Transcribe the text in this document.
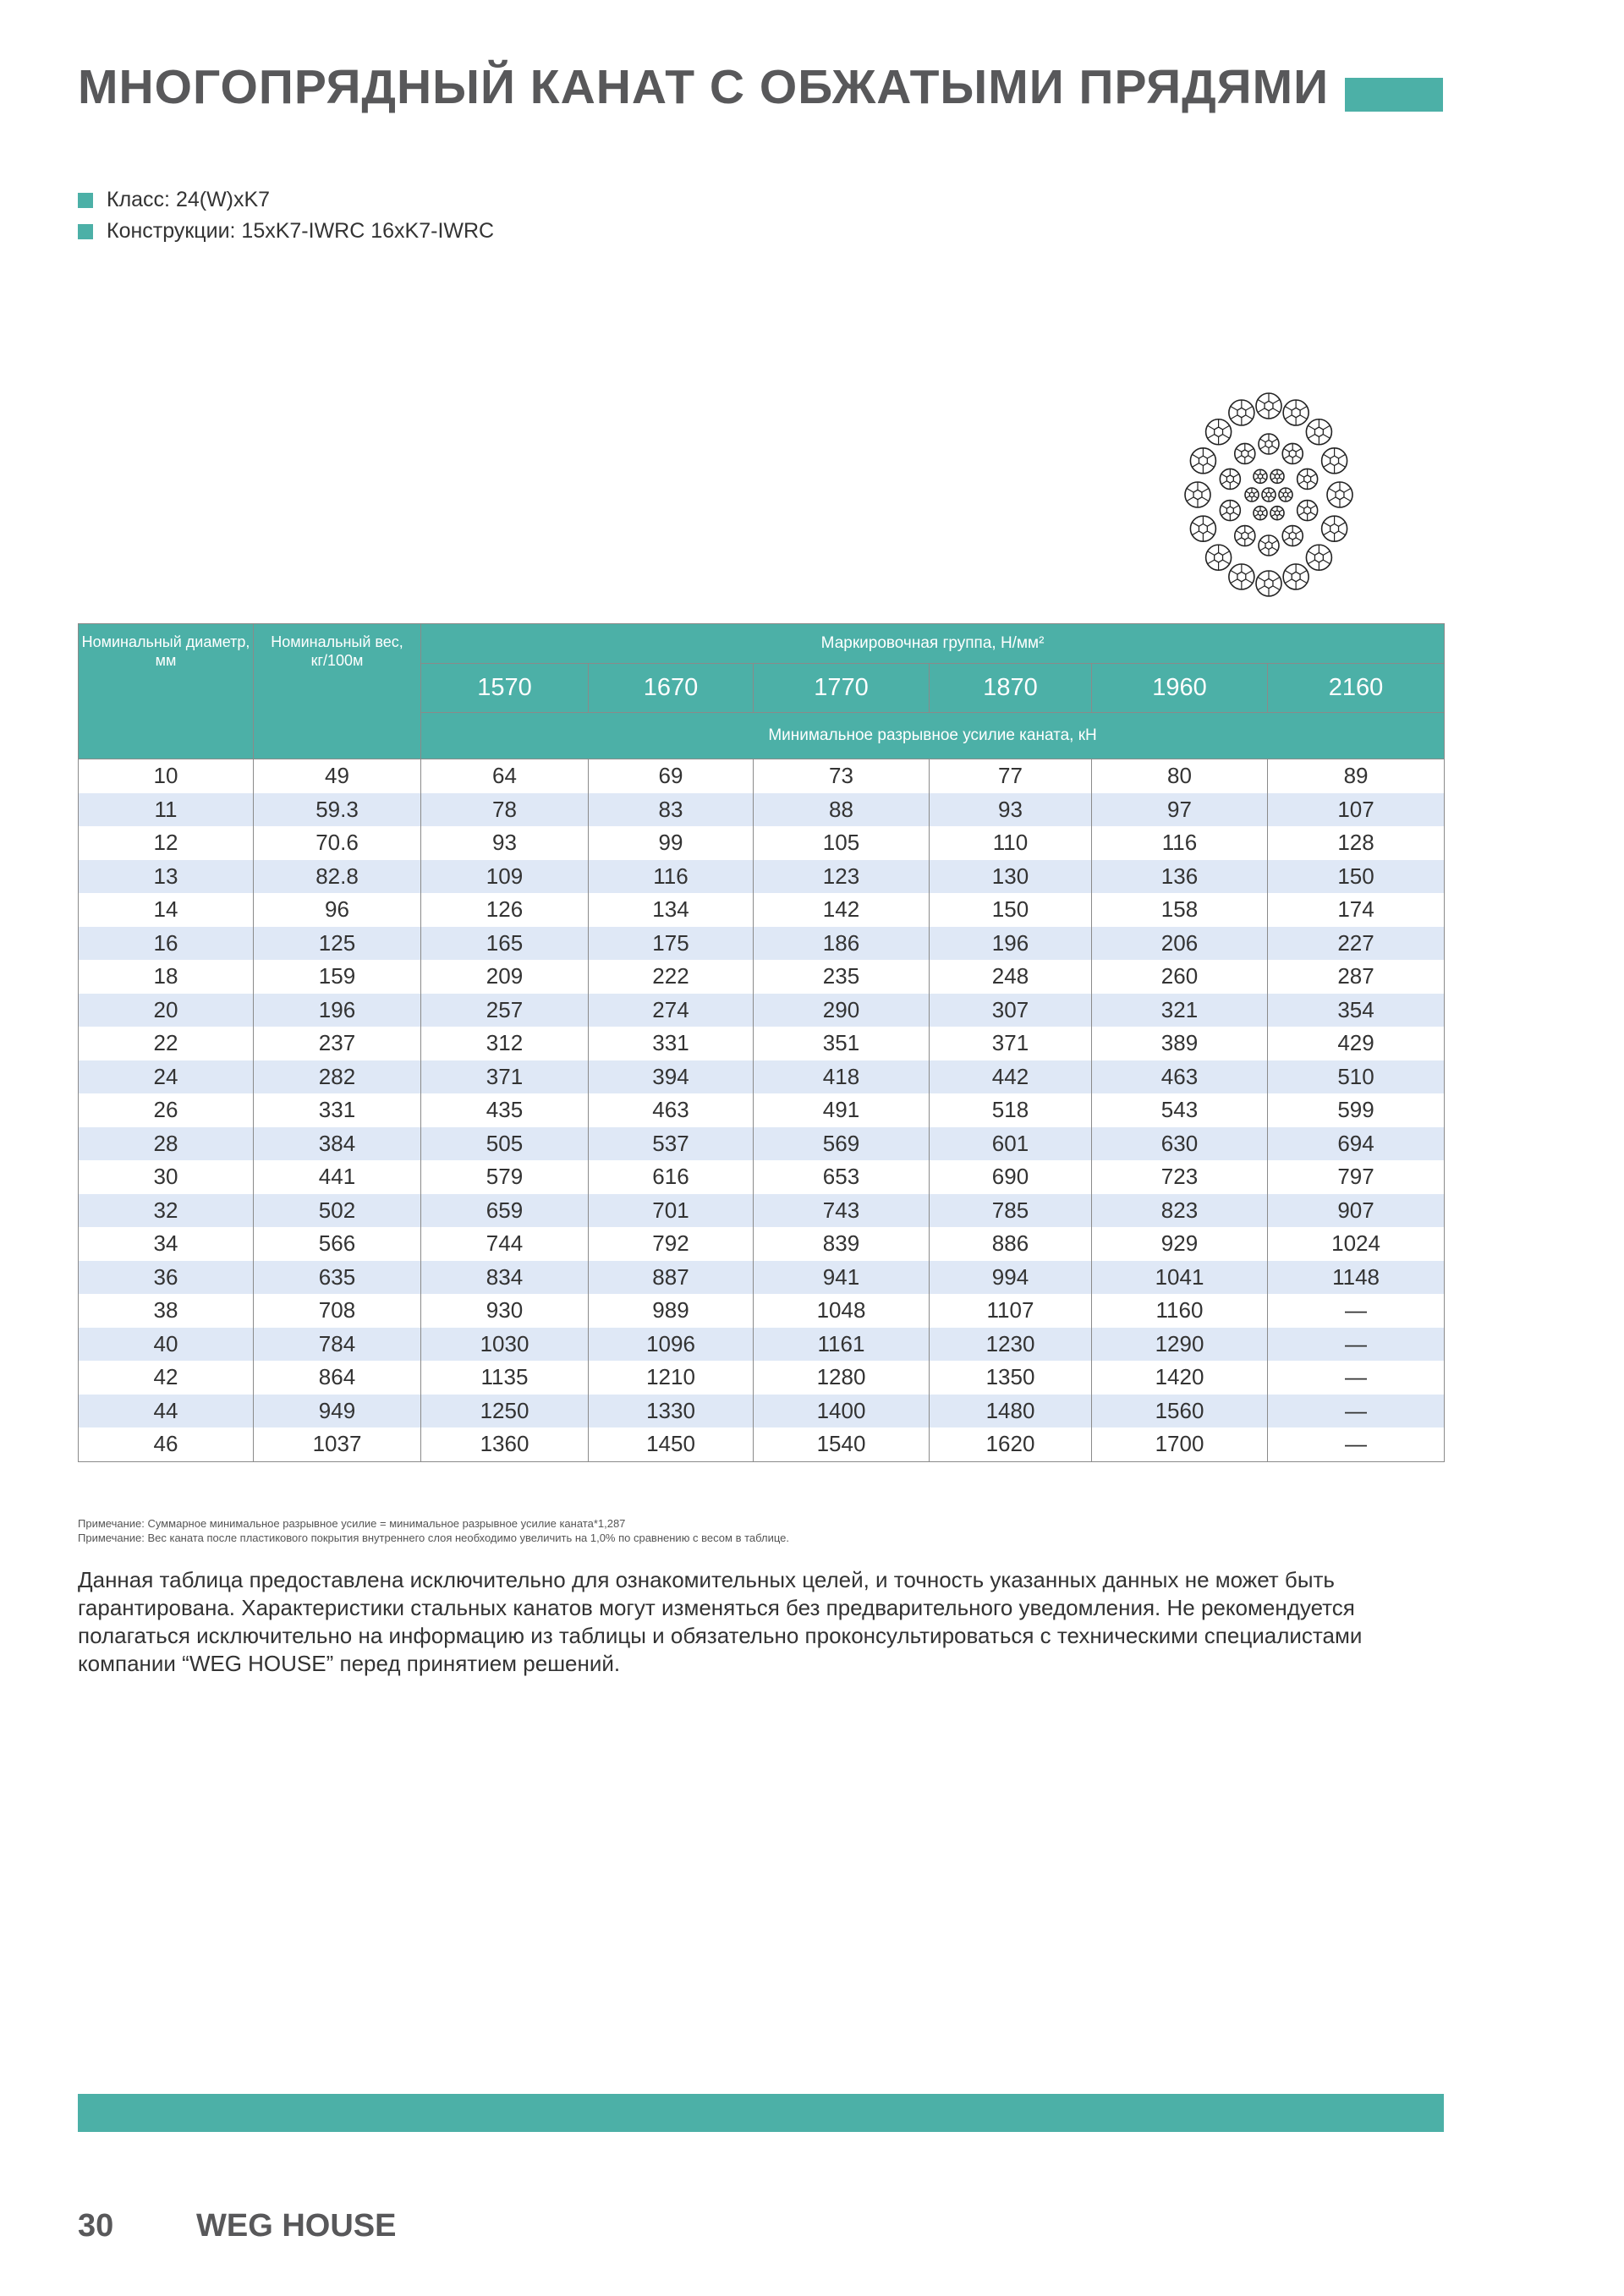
МНОГОПРЯДНЫЙ КАНАТ С ОБЖАТЫМИ ПРЯДЯМИ
Класс: 24(W)xK7
Конструкции: 15xK7-IWRC 16xK7-IWRC
Номинальный диаметр, мм	Номинальный вес, кг/100м	Маркировочная группа, Н/мм²					
		1570	1670	1770	1870	1960	2160
		Минимальное разрывное усилие каната, кН					
10	49	64	69	73	77	80	89
11	59.3	78	83	88	93	97	107
12	70.6	93	99	105	110	116	128
13	82.8	109	116	123	130	136	150
14	96	126	134	142	150	158	174
16	125	165	175	186	196	206	227
18	159	209	222	235	248	260	287
20	196	257	274	290	307	321	354
22	237	312	331	351	371	389	429
24	282	371	394	418	442	463	510
26	331	435	463	491	518	543	599
28	384	505	537	569	601	630	694
30	441	579	616	653	690	723	797
32	502	659	701	743	785	823	907
34	566	744	792	839	886	929	1024
36	635	834	887	941	994	1041	1148
38	708	930	989	1048	1107	1160	—
40	784	1030	1096	1161	1230	1290	—
42	864	1135	1210	1280	1350	1420	—
44	949	1250	1330	1400	1480	1560	—
46	1037	1360	1450	1540	1620	1700	—
Примечание: Суммарное минимальное разрывное усилие = минимальное разрывное усилие каната*1,287
Примечание: Вес каната после пластикового покрытия внутреннего слоя необходимо увеличить на 1,0% по сравнению с весом в таблице.

Данная таблица предоставлена исключительно для ознакомительных целей, и точность указанных данных не может быть гарантирована. Характеристики стальных канатов могут изменяться без предварительного уведомления. Не рекомендуется полагаться исключительно на информацию из таблицы и обязательно проконсультироваться с техническими специалистами компании “WEG HOUSE” перед принятием решений.

30	WEG HOUSE
